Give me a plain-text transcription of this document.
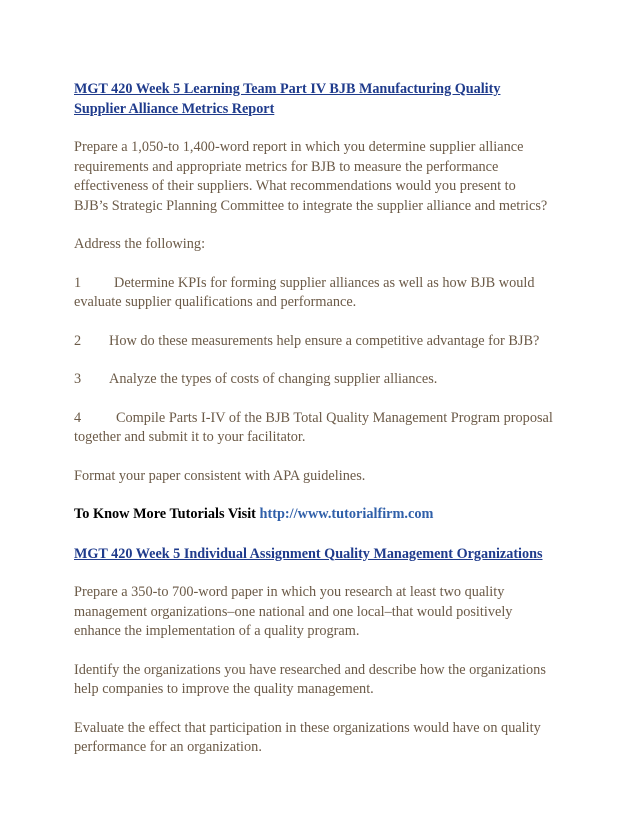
MGT 420 Week 5 Learning Team Part IV BJB Manufacturing Quality

Supplier Alliance Metrics Report

Prepare a 1,050-to 1,400-word report in which you determine supplier alliance

requirements and appropriate metrics for BJB to measure the performance

effectiveness of their suppliers. What recommendations would you present to

BJB’s Strategic Planning Committee to integrate the supplier alliance and metrics?

Address the following:

1 Determine KPIs for forming supplier alliances as well as how BJB would

evaluate supplier qualifications and performance.

2 How do these measurements help ensure a competitive advantage for BJB?

3 Analyze the types of costs of changing supplier alliances.

4 Compile Parts I-IV of the BJB Total Quality Management Program proposal

together and submit it to your facilitator.

Format your paper consistent with APA guidelines.

To Know More Tutorials Visit http://www.tutorialfirm.com

MGT 420 Week 5 Individual Assignment Quality Management Organizations

Prepare a 350-to 700-word paper in which you research at least two quality

management organizations–one national and one local–that would positively

enhance the implementation of a quality program.

Identify the organizations you have researched and describe how the organizations

help companies to improve the quality management.

Evaluate the effect that participation in these organizations would have on quality

performance for an organization.
